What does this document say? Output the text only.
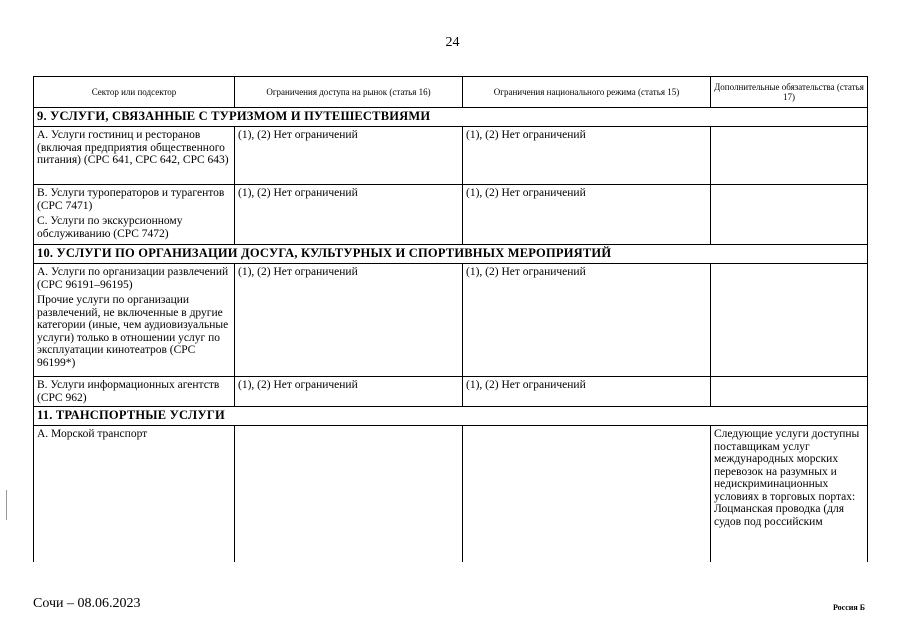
24
Сектор или подсектор	Ограничения доступа на рынок (статья 16)	Ограничения национального режима (статья 15)	Дополнительные обязательства (статья 17)
9. УСЛУГИ, СВЯЗАННЫЕ С ТУРИЗМОМ И ПУТЕШЕСТВИЯМИ			

А. Услуги гостиниц и ресторанов (включая предприятия общественного питания) (CPC 641, CPC 642, CPC 643)	(1), (2) Нет ограничений	(1), (2) Нет ограничений	

В. Услуги туроператоров и турагентов (CPC 7471)
С. Услуги по экскурсионному обслуживанию (CPC 7472)	(1), (2) Нет ограничений	(1), (2) Нет ограничений	
10. УСЛУГИ ПО ОРГАНИЗАЦИИ ДОСУГА, КУЛЬТУРНЫХ И СПОРТИВНЫХ МЕРОПРИЯТИЙ			

А. Услуги по организации развлечений (CPC 96191–96195)
Прочие услуги по организации развлечений, не включенные в другие категории (иные, чем аудиовизуальные услуги) только в отношении услуг по эксплуатации кинотеатров (CPC 96199*)	(1), (2) Нет ограничений	(1), (2) Нет ограничений	

В. Услуги информационных агентств (CPC 962)	(1), (2) Нет ограничений	(1), (2) Нет ограничений	
11. ТРАНСПОРТНЫЕ УСЛУГИ			

А. Морской транспорт			Следующие услуги доступны поставщикам услуг международных морских перевозок на разумных и недискриминационных условиях в торговых портах: Лоцманская проводка (для судов под российским
Сочи – 08.06.2023	Россия Б
